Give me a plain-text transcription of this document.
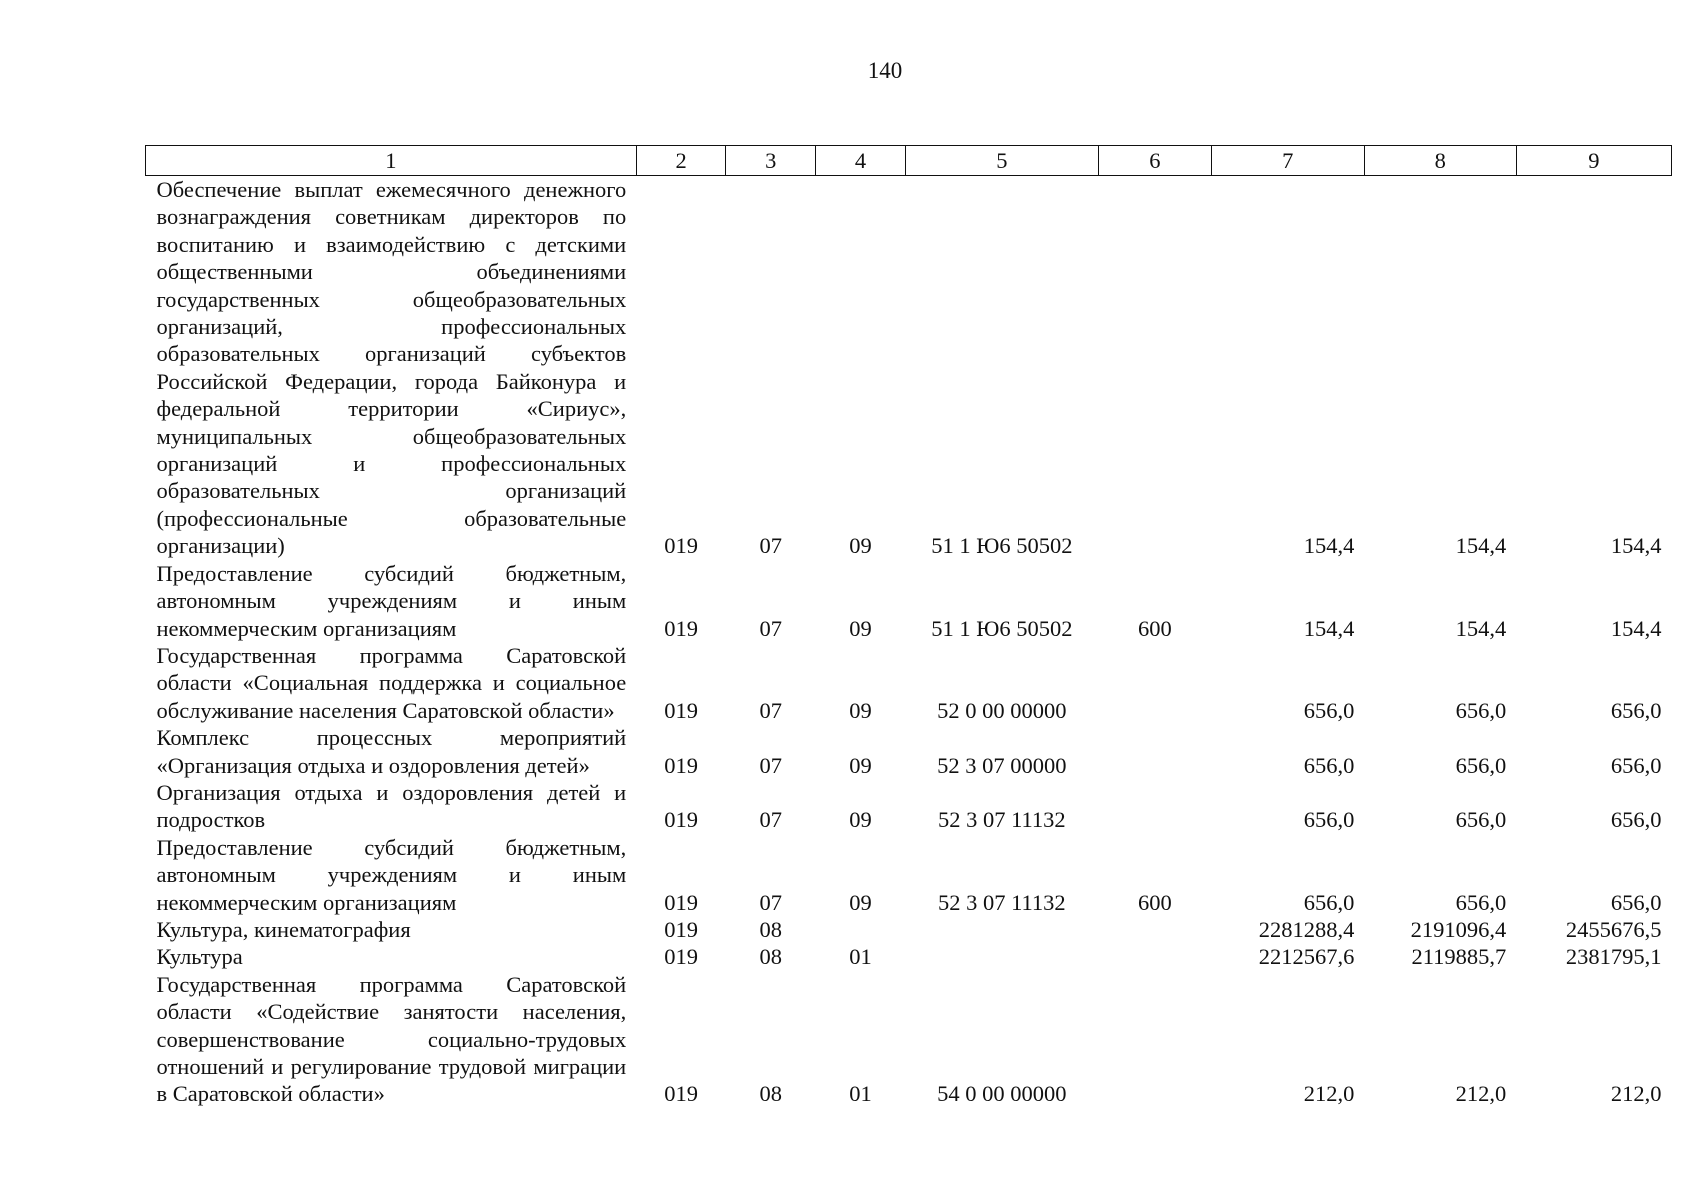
140
1	2	3	4	5	6	7	8	9
Обеспечение выплат ежемесячного денежного вознаграждения советникам директоров по воспитанию и взаимодействию с детскими общественными объединениями государственных общеобразовательных организаций, профессиональных образовательных организаций субъектов Российской Федерации, города Байконура и федеральной территории «Сириус», муниципальных общеобразовательных организаций и профессиональных образовательных организаций (профессиональные образовательные организации)	019	07	09	51 1 Ю6 50502		154,4	154,4	154,4
Предоставление субсидий бюджетным, автономным учреждениям и иным некоммерческим организациям	019	07	09	51 1 Ю6 50502	600	154,4	154,4	154,4
Государственная программа Саратовской области «Социальная поддержка и социальное обслуживание населения Саратовской области»	019	07	09	52 0 00 00000		656,0	656,0	656,0
Комплекс процессных мероприятий «Организация отдыха и оздоровления детей»	019	07	09	52 3 07 00000		656,0	656,0	656,0
Организация отдыха и оздоровления детей и подростков	019	07	09	52 3 07 11132		656,0	656,0	656,0
Предоставление субсидий бюджетным, автономным учреждениям и иным некоммерческим организациям	019	07	09	52 3 07 11132	600	656,0	656,0	656,0
Культура, кинематография	019	08				2281288,4	2191096,4	2455676,5
Культура	019	08	01			2212567,6	2119885,7	2381795,1
Государственная программа Саратовской области «Содействие занятости населения, совершенствование социально-трудовых отношений и регулирование трудовой миграции в Саратовской области»	019	08	01	54 0 00 00000		212,0	212,0	212,0
